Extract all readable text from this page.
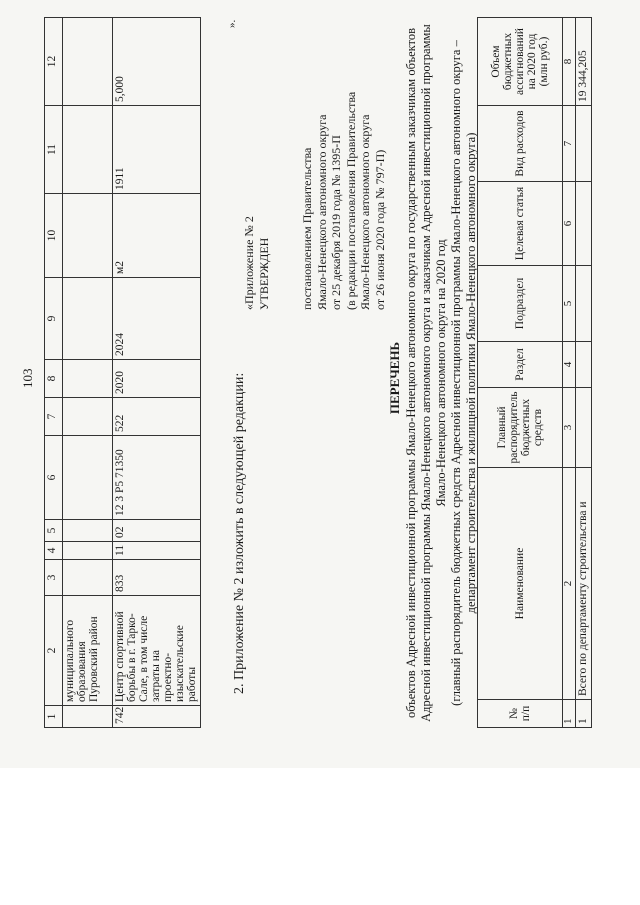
103
1	2	3	4	5	6	7	8	9	10	11	12
	муниципального образования Пуровский район										
742	Центр спортивной борьбы в г. Тарко-Сале, в том числе затраты на проектно-изыскательские работы	833	11	02	12 3 P5 71350	522	2020	2024	м2	1911	5,000
».
2. Приложение № 2 изложить в следующей редакции:
«Приложение № 2 УТВЕРЖДЕН

постановлением Правительства Ямало-Ненецкого автономного округа от 25 декабря 2019 года № 1395-П (в редакции постановления Правительства Ямало-Ненецкого автономного округа от 26 июня 2020 года № 797-П)
ПЕРЕЧЕНЬ объектов Адресной инвестиционной программы Ямало-Ненецкого автономного округа по государственным заказчикам объектов Адресной инвестиционной программы Ямало-Ненецкого автономного округа и заказчикам Адресной инвестиционной программы Ямало-Ненецкого автономного округа на 2020 год (главный распорядитель бюджетных средств Адресной инвестиционной программы Ямало-Ненецкого автономного округа – департамент строительства и жилищной политики Ямало-Ненецкого автономного округа)
№ п/п	Наименование	Главный распорядитель бюджетных средств	Раздел	Подраздел	Целевая статья	Вид расходов	Объем бюджетных ассигнований на 2020 год (млн руб.)
1	2	3	4	5	6	7	8
1	Всего по департаменту строительства и						19 344,205
